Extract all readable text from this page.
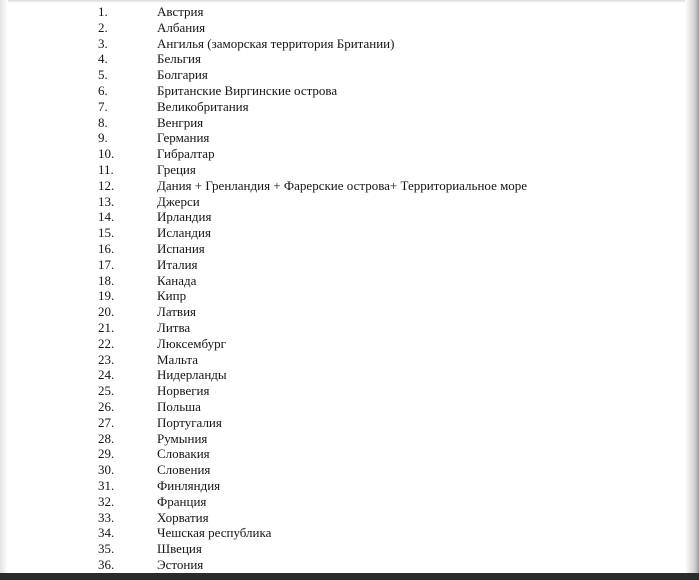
1.	Австрия
2.	Албания
3.	Ангилья (заморская территория Британии)
4.	Бельгия
5.	Болгария
6.	Британские Виргинские острова
7.	Великобритания
8.	Венгрия
9.	Германия
10.	Гибралтар
11.	Греция
12.	Дания + Гренландия + Фарерские острова+ Территориальное море
13.	Джерси
14.	Ирландия
15.	Исландия
16.	Испания
17.	Италия
18.	Канада
19.	Кипр
20.	Латвия
21.	Литва
22.	Люксембург
23.	Мальта
24.	Нидерланды
25.	Норвегия
26.	Польша
27.	Португалия
28.	Румыния
29.	Словакия
30.	Словения
31.	Финляндия
32.	Франция
33.	Хорватия
34.	Чешская республика
35.	Швеция
36.	Эстония
